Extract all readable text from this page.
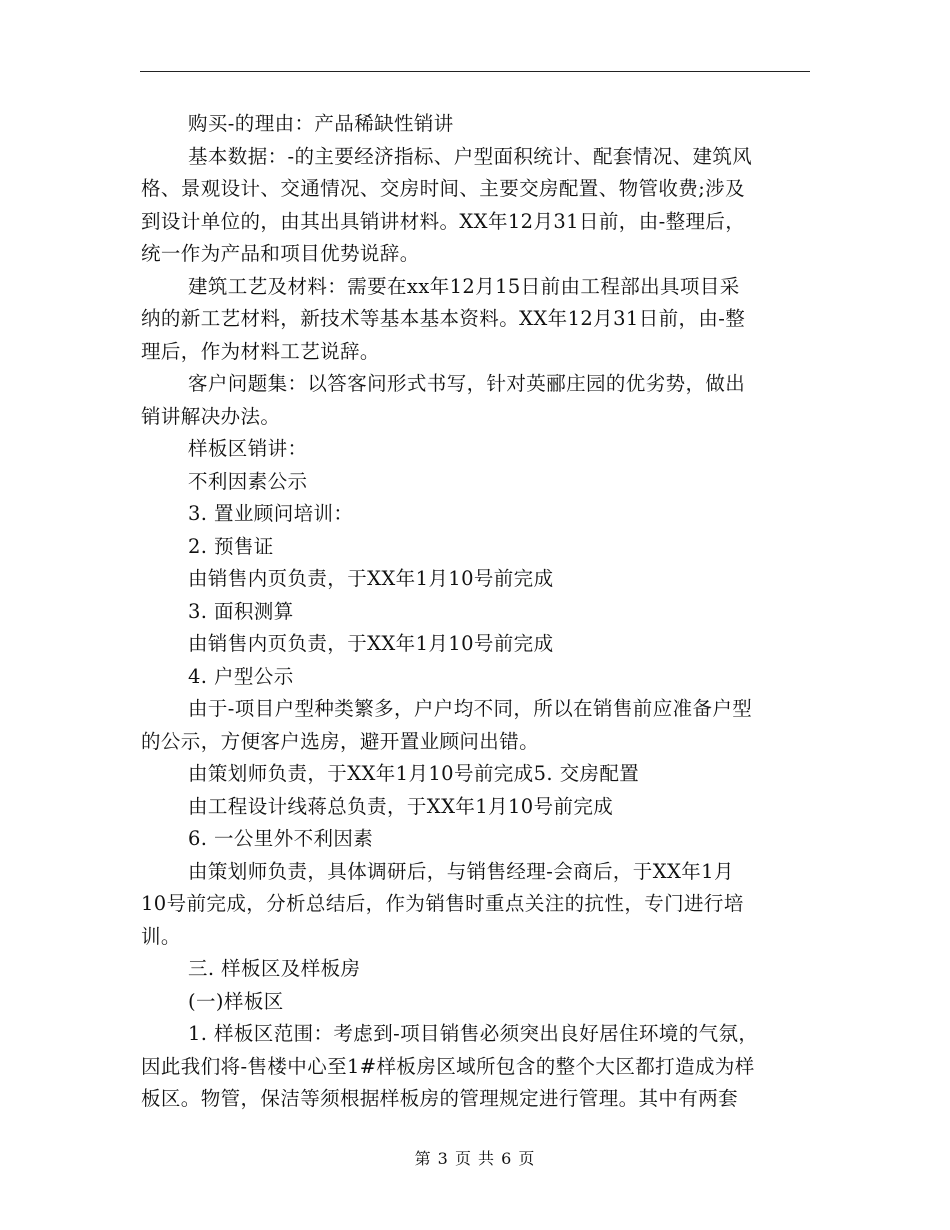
购买-的理由：产品稀缺性销讲

基本数据：-的主要经济指标、户型面积统计、配套情况、建筑风

格、景观设计、交通情况、交房时间、主要交房配置、物管收费;涉及

到设计单位的，由其出具销讲材料。XX年12月31日前，由-整理后，

统一作为产品和项目优势说辞。

建筑工艺及材料：需要在xx年12月15日前由工程部出具项目采

纳的新工艺材料，新技术等基本基本资料。XX年12月31日前，由-整

理后，作为材料工艺说辞。

客户问题集：以答客问形式书写，针对英郦庄园的优劣势，做出

销讲解决办法。

样板区销讲：

不利因素公示

3. 置业顾问培训：

2. 预售证

由销售内页负责，于XX年1月10号前完成

3. 面积测算

由销售内页负责，于XX年1月10号前完成

4. 户型公示

由于-项目户型种类繁多，户户均不同，所以在销售前应准备户型

的公示，方便客户选房，避开置业顾问出错。

由策划师负责，于XX年1月10号前完成5. 交房配置

由工程设计线蒋总负责，于XX年1月10号前完成

6. 一公里外不利因素

由策划师负责，具体调研后，与销售经理-会商后，于XX年1月

10号前完成，分析总结后，作为销售时重点关注的抗性，专门进行培

训。

三. 样板区及样板房

(一)样板区

1. 样板区范围：考虑到-项目销售必须突出良好居住环境的气氛，

因此我们将-售楼中心至1#样板房区域所包含的整个大区都打造成为样

板区。物管，保洁等须根据样板房的管理规定进行管理。其中有两套

第 3 页 共 6 页
